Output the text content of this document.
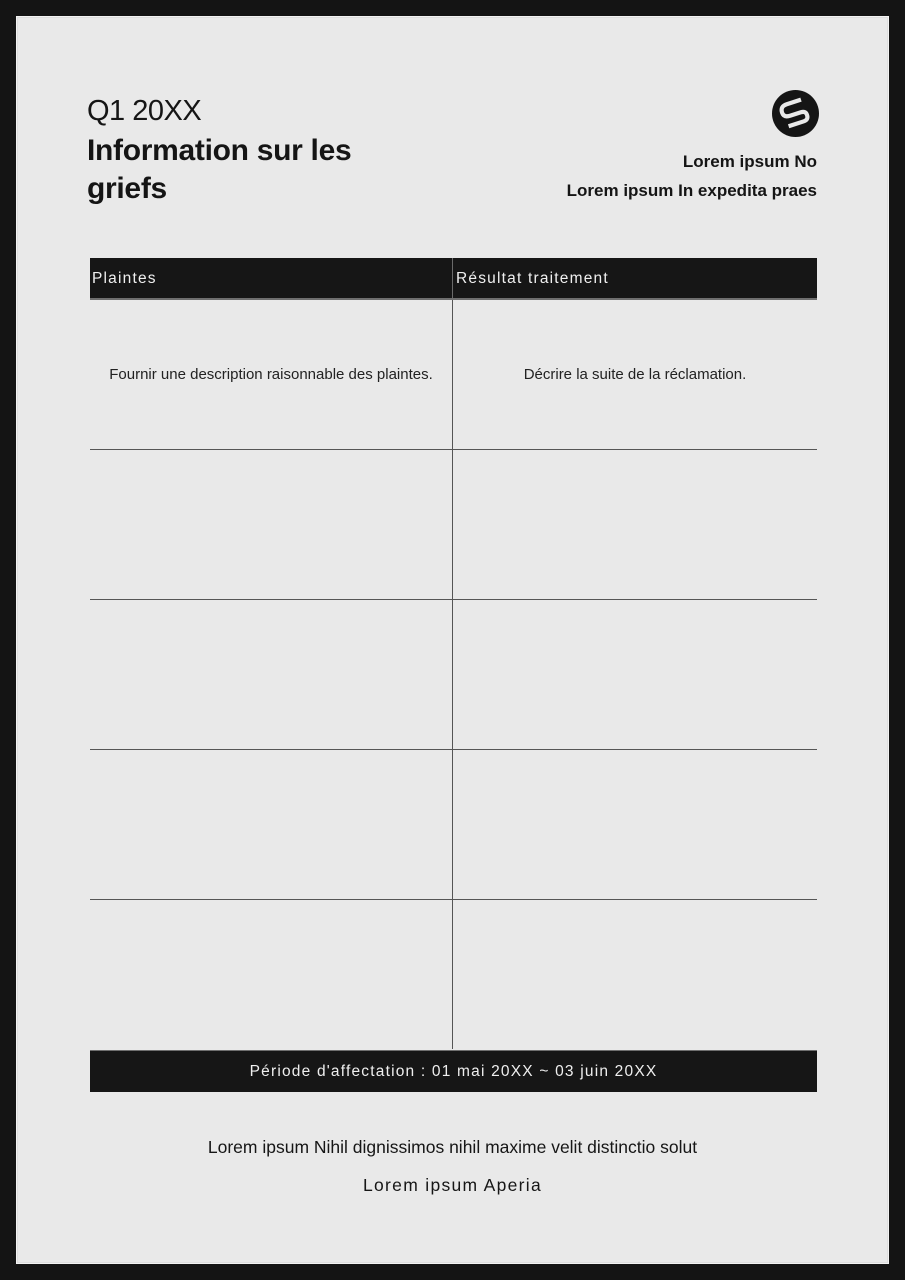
Q1 20XX
Information sur les griefs
Lorem ipsum No
Lorem ipsum In expedita praes
Plaintes	Résultat traitement
Fournir une description raisonnable des plaintes.	Décrire la suite de la réclamation.
Période d'affectation : 01 mai 20XX ~ 03 juin 20XX
Lorem ipsum Nihil dignissimos nihil maxime velit distinctio solut
Lorem ipsum Aperia
